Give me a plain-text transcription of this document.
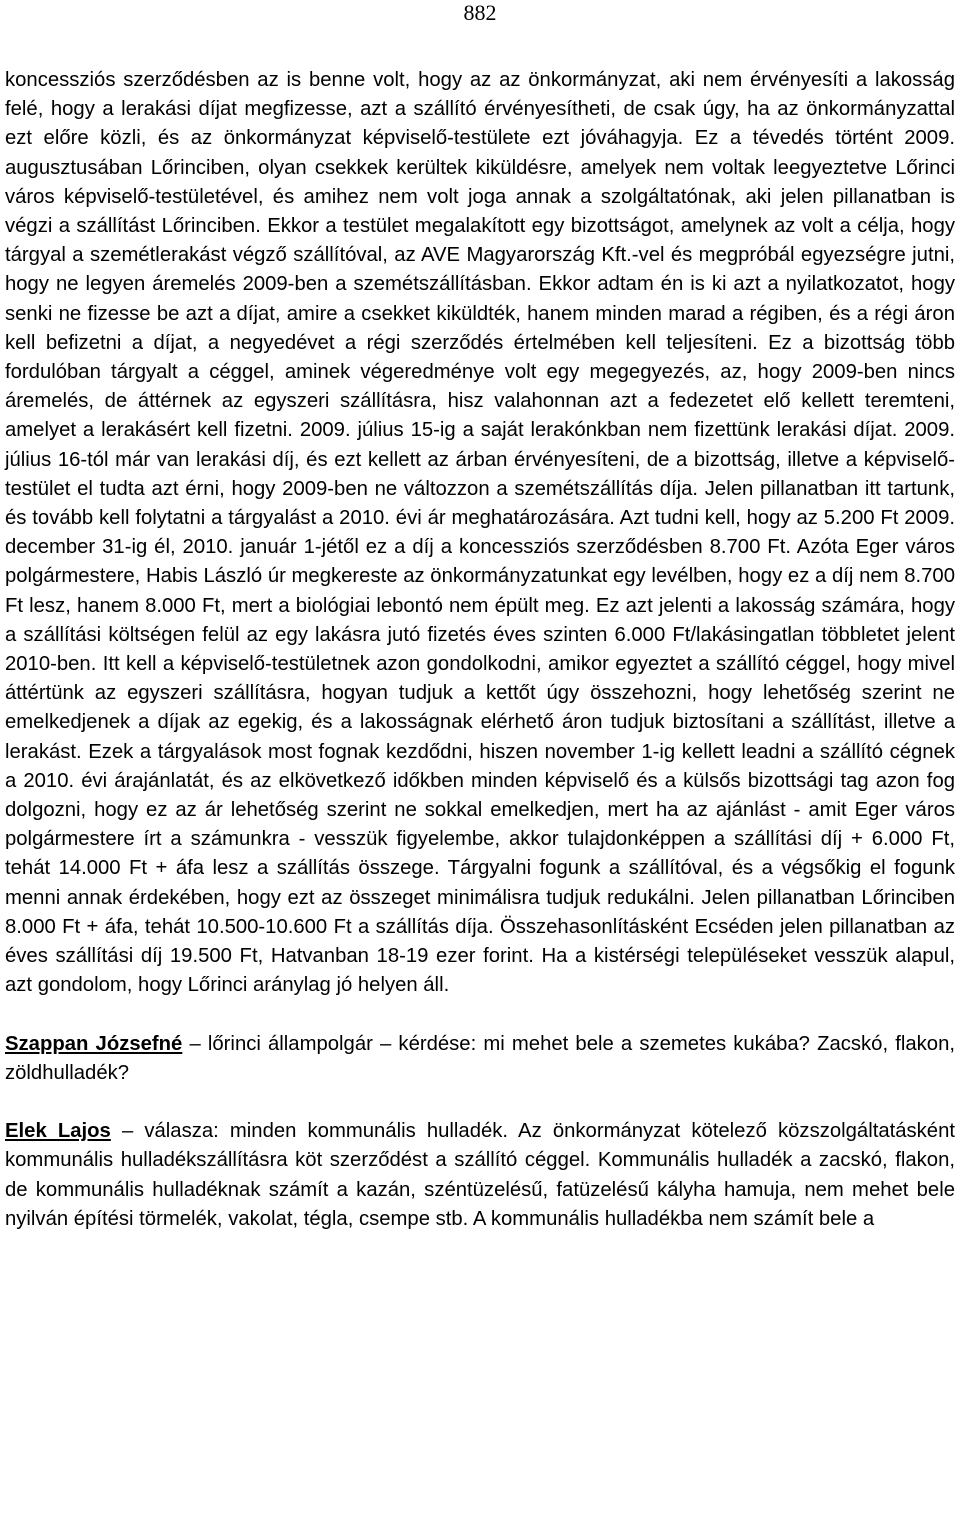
882

koncessziós szerződésben az is benne volt, hogy az az önkormányzat, aki nem érvényesíti a lakosság felé, hogy a lerakási díjat megfizesse, azt a szállító érvényesítheti, de csak úgy, ha az önkormányzattal ezt előre közli, és az önkormányzat képviselő-testülete ezt jóváhagyja. Ez a tévedés történt 2009. augusztusában Lőrinciben, olyan csekkek kerültek kiküldésre, amelyek nem voltak leegyeztetve Lőrinci város képviselő-testületével, és amihez nem volt joga annak a szolgáltatónak, aki jelen pillanatban is végzi a szállítást Lőrinciben. Ekkor a testület megalakított egy bizottságot, amelynek az volt a célja, hogy tárgyal a szemétlerakást végző szállítóval, az AVE Magyarország Kft.-vel és megpróbál egyezségre jutni, hogy ne legyen áremelés 2009-ben a szemétszállításban. Ekkor adtam én is ki azt a nyilatkozatot, hogy senki ne fizesse be azt a díjat, amire a csekket kiküldték, hanem minden marad a régiben, és a régi áron kell befizetni a díjat, a negyedévet a régi szerződés értelmében kell teljesíteni. Ez a bizottság több fordulóban tárgyalt a céggel, aminek végeredménye volt egy megegyezés, az, hogy 2009-ben nincs áremelés, de áttérnek az egyszeri szállításra, hisz valahonnan azt a fedezetet elő kellett teremteni, amelyet a lerakásért kell fizetni. 2009. július 15-ig a saját lerakónkban nem fizettünk lerakási díjat. 2009. július 16-tól már van lerakási díj, és ezt kellett az árban érvényesíteni, de a bizottság, illetve a képviselő-testület el tudta azt érni, hogy 2009-ben ne változzon a szemétszállítás díja. Jelen pillanatban itt tartunk, és tovább kell folytatni a tárgyalást a 2010. évi ár meghatározására. Azt tudni kell, hogy az 5.200 Ft 2009. december 31-ig él, 2010. január 1-jétől ez a díj a koncessziós szerződésben 8.700 Ft. Azóta Eger város polgármestere, Habis László úr megkereste az önkormányzatunkat egy levélben, hogy ez a díj nem 8.700 Ft lesz, hanem 8.000 Ft, mert a biológiai lebontó nem épült meg. Ez azt jelenti a lakosság számára, hogy a szállítási költségen felül az egy lakásra jutó fizetés éves szinten 6.000 Ft/lakásingatlan többletet jelent 2010-ben. Itt kell a képviselő-testületnek azon gondolkodni, amikor egyeztet a szállító céggel, hogy mivel áttértünk az egyszeri szállításra, hogyan tudjuk a kettőt úgy összehozni, hogy lehetőség szerint ne emelkedjenek a díjak az egekig, és a lakosságnak elérhető áron tudjuk biztosítani a szállítást, illetve a lerakást. Ezek a tárgyalások most fognak kezdődni, hiszen november 1-ig kellett leadni a szállító cégnek a 2010. évi árajánlatát, és az elkövetkező időkben minden képviselő és a külsős bizottsági tag azon fog dolgozni, hogy ez az ár lehetőség szerint ne sokkal emelkedjen, mert ha az ajánlást - amit Eger város polgármestere írt a számunkra - vesszük figyelembe, akkor tulajdonképpen a szállítási díj + 6.000 Ft, tehát 14.000 Ft + áfa lesz a szállítás összege. Tárgyalni fogunk a szállítóval, és a végsőkig el fogunk menni annak érdekében, hogy ezt az összeget minimálisra tudjuk redukálni. Jelen pillanatban Lőrinciben 8.000 Ft + áfa, tehát 10.500-10.600 Ft a szállítás díja. Összehasonlításként Ecséden jelen pillanatban az éves szállítási díj 19.500 Ft, Hatvanban 18-19 ezer forint. Ha a kistérségi településeket vesszük alapul, azt gondolom, hogy Lőrinci aránylag jó helyen áll.

Szappan Józsefné – lőrinci állampolgár – kérdése: mi mehet bele a szemetes kukába? Zacskó, flakon, zöldhulladék?

Elek Lajos – válasza: minden kommunális hulladék. Az önkormányzat kötelező közszolgáltatásként kommunális hulladékszállításra köt szerződést a szállító céggel. Kommunális hulladék a zacskó, flakon, de kommunális hulladéknak számít a kazán, széntüzelésű, fatüzelésű kályha hamuja, nem mehet bele nyilván építési törmelék, vakolat, tégla, csempe stb. A kommunális hulladékba nem számít bele a
